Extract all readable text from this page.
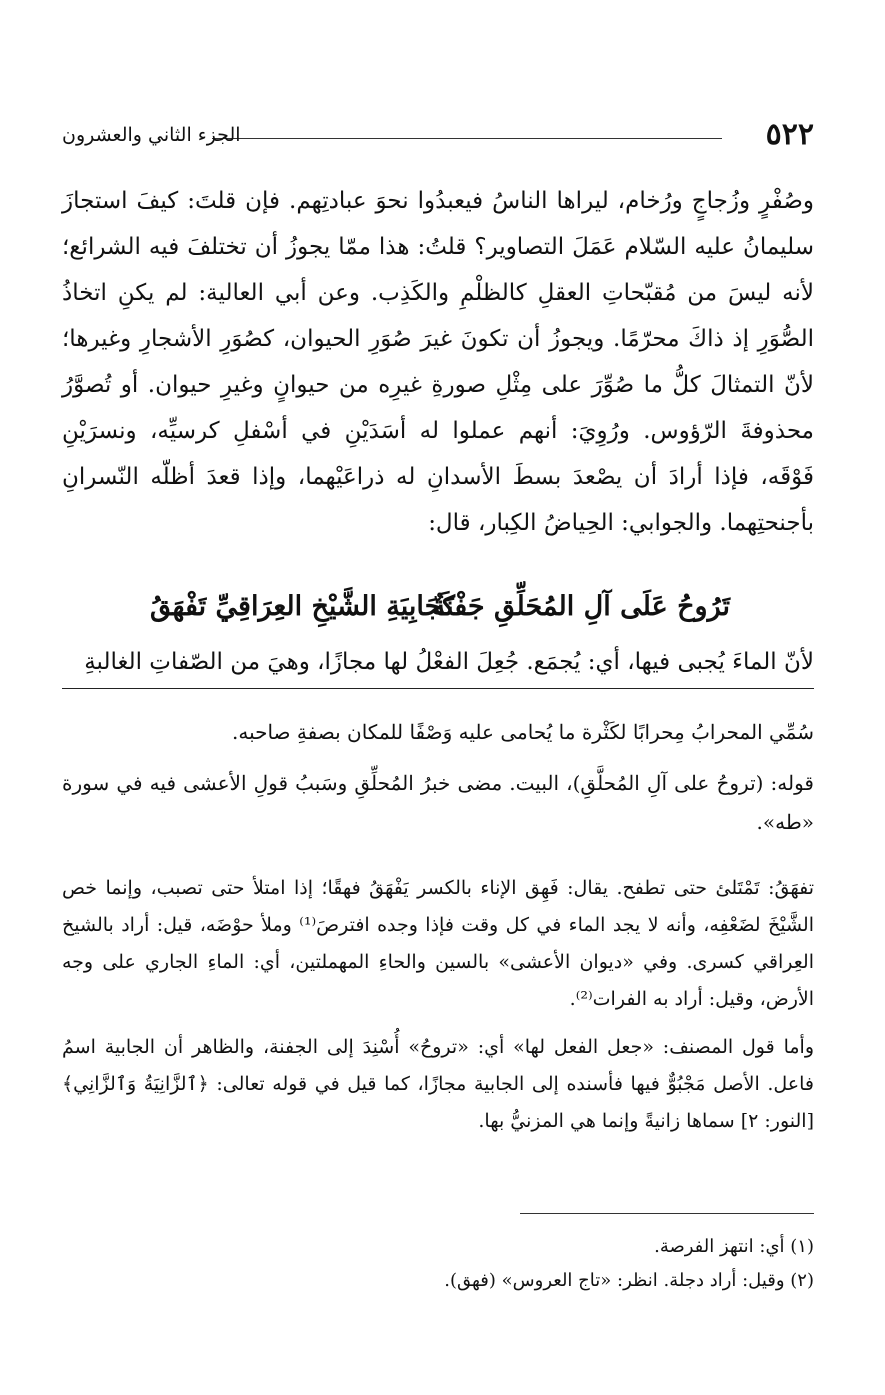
٥٢٢
الجزء الثاني والعشرون

وصُفْرٍ وزُجاجٍ ورُخام، ليراها الناسُ فيعبدُوا نحوَ عبادتِهم. فإن قلتَ: كيفَ استجازَ سليمانُ عليه السّلام عَمَلَ التصاوير؟ قلتُ: هذا ممّا يجوزُ أن تختلفَ فيه الشرائع؛ لأنه ليسَ من مُقبّحاتِ العقلِ كالظلْمِ والكَذِب. وعن أبي العالية: لم يكنِ اتخاذُ الصُّوَرِ إذ ذاكَ محرّمًا. ويجوزُ أن تكونَ غيرَ صُوَرِ الحيوان، كصُوَرِ الأشجارِ وغيرها؛ لأنّ التمثالَ كلُّ ما صُوِّرَ على مِثْلِ صورةِ غيرِه من حيوانٍ وغيرِ حيوان. أو تُصوَّرُ محذوفةَ الرّؤوس. ورُوِيَ: أنهم عملوا له أسَدَيْنِ في أسْفلِ كرسيِّه، ونسرَيْنِ فَوْقَه، فإذا أرادَ أن يصْعدَ بسطَ الأسدانِ له ذراعَيْهما، وإذا قعدَ أظلّه النّسرانِ بأجنحتِهما. والجوابي: الحِياضُ الكِبار، قال:

تَرُوحُ عَلَى آلِ المُحَلِّقِ جَفْنَةٌ
كَجَابِيَةِ الشَّيْخِ العِرَاقِيِّ تَفْهَقُ

لأنّ الماءَ يُجبى فيها، أي: يُجمَع. جُعِلَ الفعْلُ لها مجازًا، وهيَ من الصّفاتِ الغالبةِ

سُمِّي المحرابُ مِحرابًا لكَثْرة ما يُحامى عليه وَصْفًا للمكان بصفةِ صاحبه.

قوله: (تروحُ على آلِ المُحلَّقِ)، البيت. مضى خبرُ المُحلِّقِ وسَببُ قولِ الأعشى فيه في سورة «طه».

تفهَقُ: تَمْتَلئ حتى تطفح. يقال: فَهِق الإناء بالكسر يَفْهَقُ فهقًا؛ إذا امتلأ حتى تصبب، وإنما خص الشَّيْخَ لضَعْفِه، وأنه لا يجد الماء في كل وقت فإذا وجده افترصَ⁽¹⁾ وملأ حوْضَه، قيل: أراد بالشيخ العِراقي كسرى. وفي «ديوان الأعشى» بالسين والحاءِ المهملتين، أي: الماءِ الجاري على وجه الأرض، وقيل: أراد به الفرات⁽²⁾.

وأما قول المصنف: «جعل الفعل لها» أي: «تروحُ» أُسْنِدَ إلى الجفنة، والظاهر أن الجابية اسمُ فاعل. الأصل مَجْبُوٌّ فيها فأسنده إلى الجابية مجازًا، كما قيل في قوله تعالى: ﴿ٱلزَّانِيَةُ وَٱلزَّانِي﴾ [النور: ٢] سماها زانيةً وإنما هي المزنيُّ بها.

(١) أي: انتهز الفرصة.

(٢) وقيل: أراد دجلة. انظر: «تاج العروس» (فهق).
